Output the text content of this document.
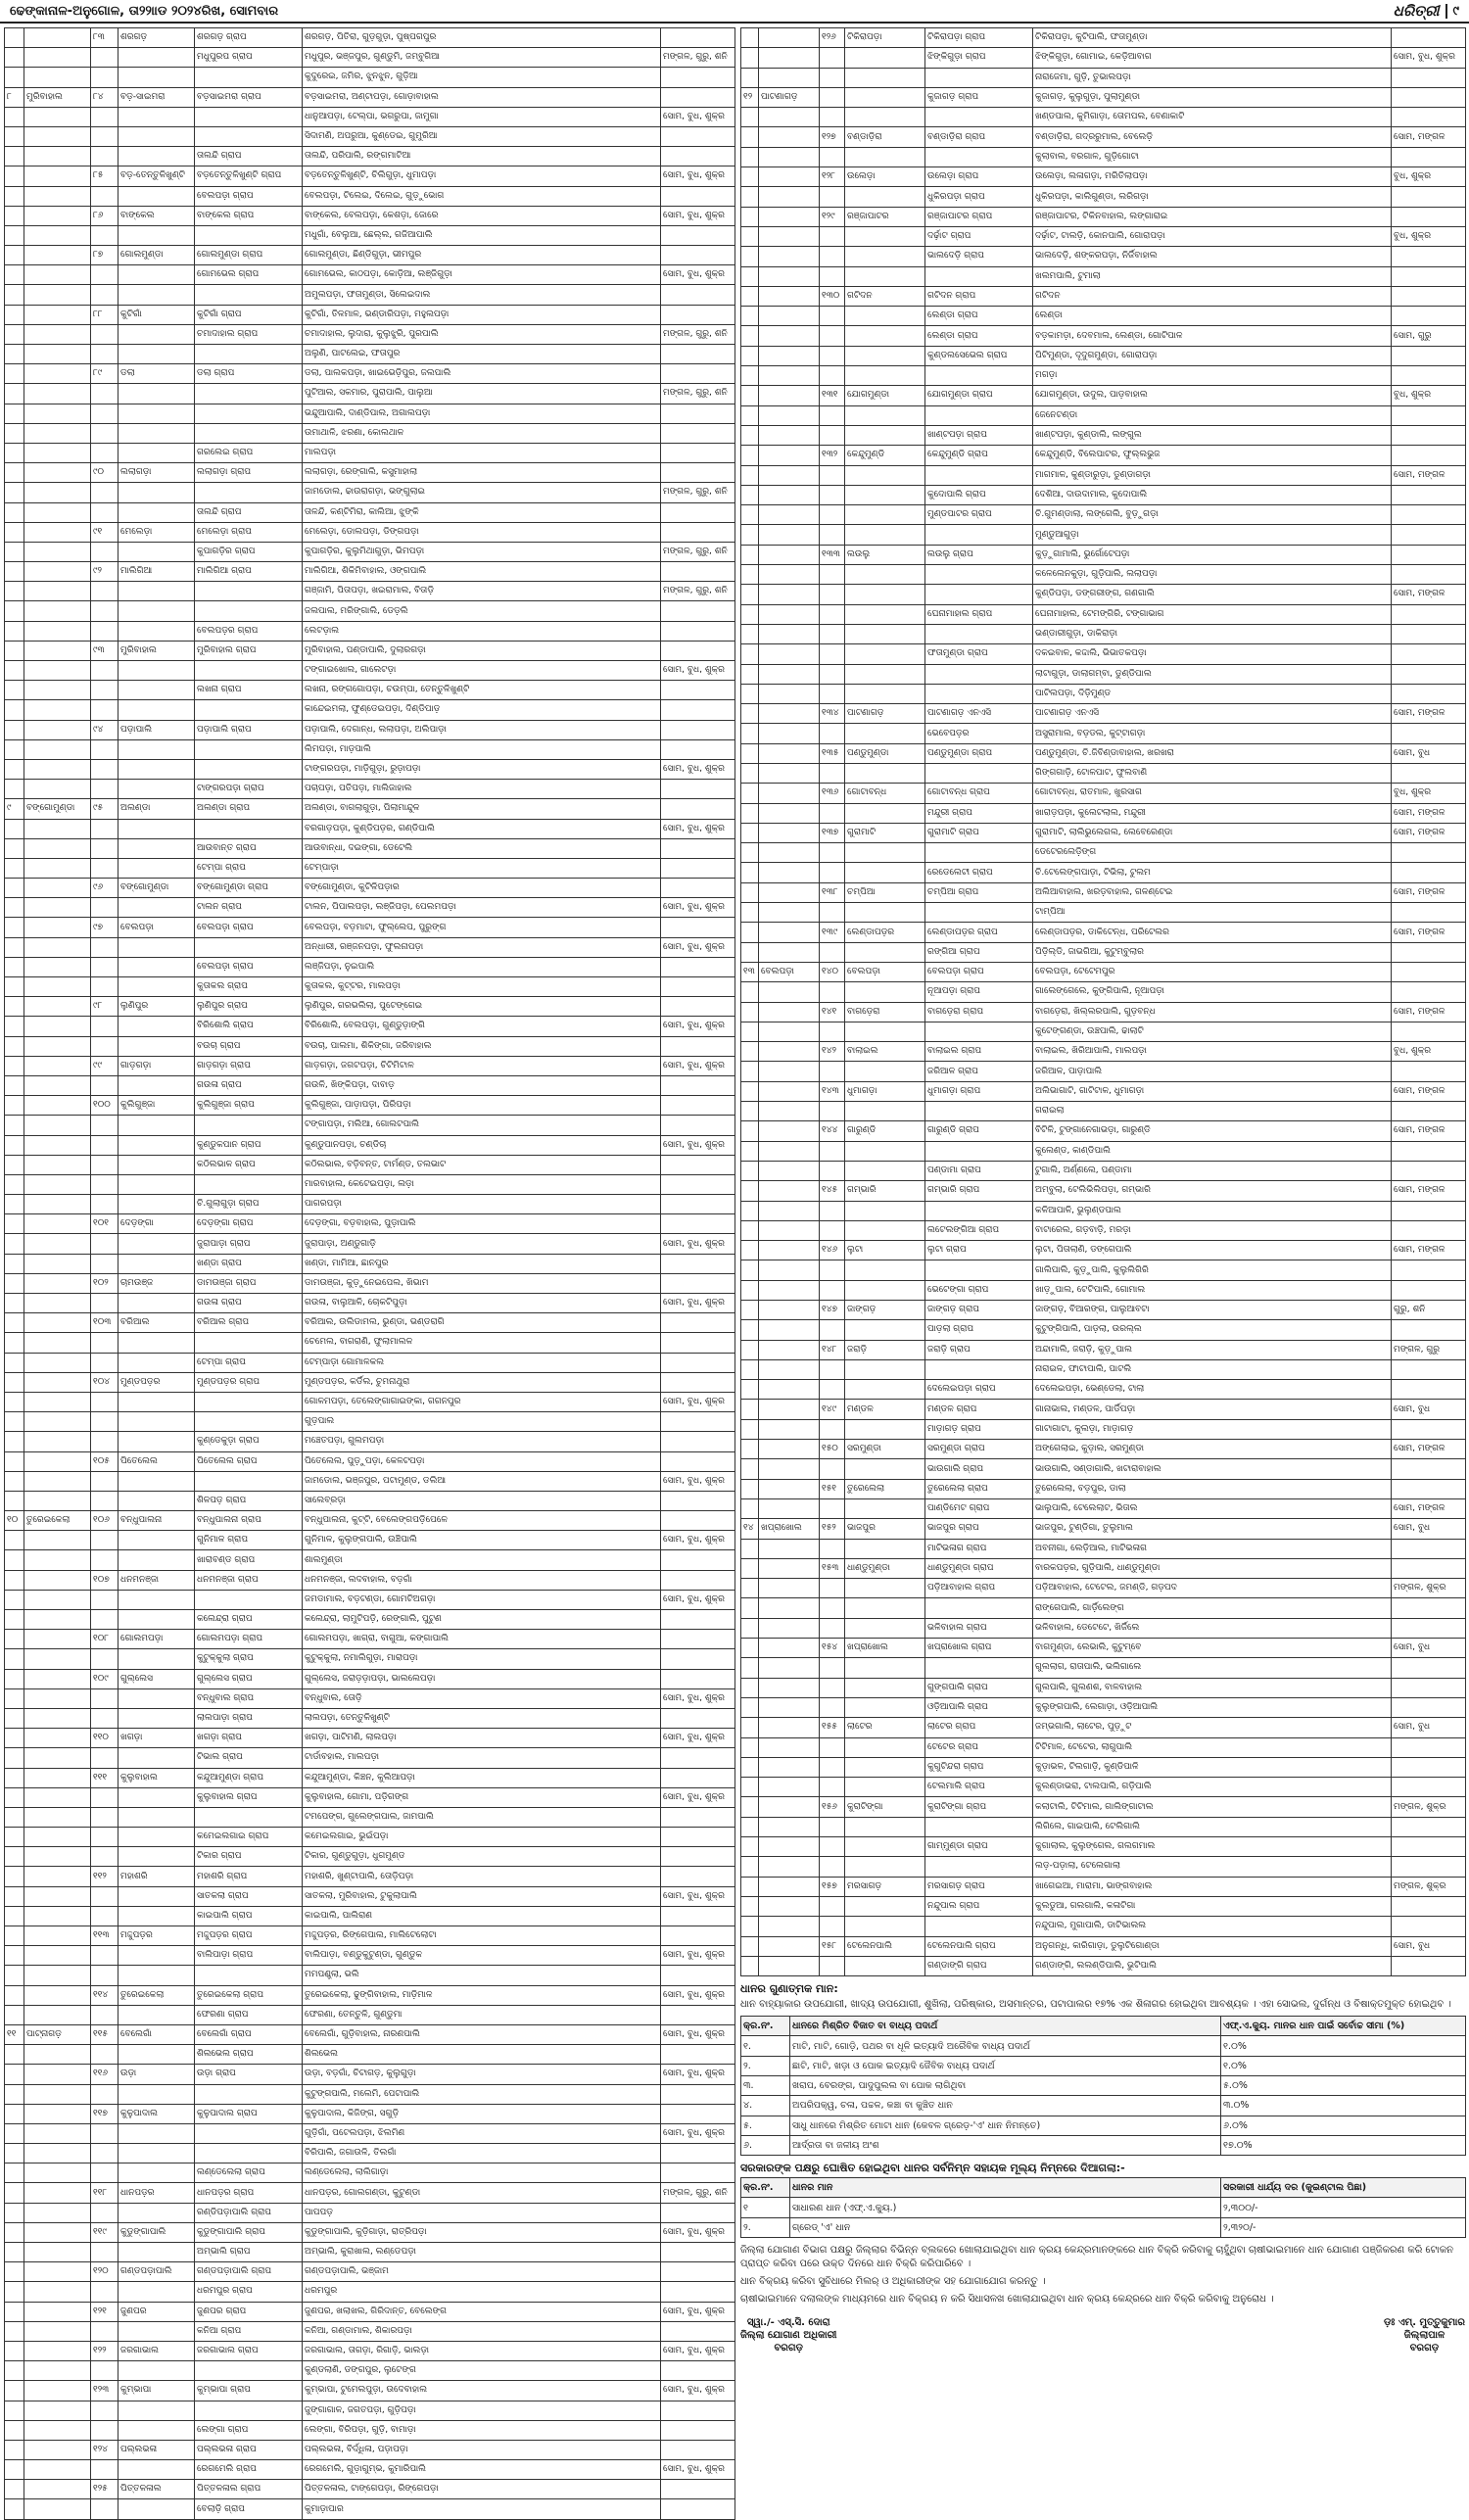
ଢେଙ୍କାନାଳ-ଅନୁଗୋଳ, ତା୨୨ାାଡ ୨୦୨୪ରିଖ, ସୋମବାର	ଧରିତ୍ରୀ	୯
		୮୩	ଶରଗଡ଼	ଶରଗଡ଼ ଗ୍ରାପ	ଶରଗଡ଼, ପିତିରା, ଗୁଡ଼ଗୁଡ଼ା, ପୁଷ୍ପଗପୁର	
				ମଧୁପୁରପ ଗ୍ରାପ	ମଧୁପୁର, ଭଞ୍ଜପୁର, ଗୁଣ୍ଡୁମି, ଜମ୍ବୁଗିଆ	ମଙ୍ଗଳ, ଗୁରୁ, ଶନି
					କୁଦୁରେଇ, ଜମିର, ଝୁନଝୁନ, ଗୁଡ଼ିଆ	
୮	ମୁରିବାହାଲ	୮୪	ବଡ଼-ସାଇମରା	ବଡ଼ସାଇମରା ଗ୍ରାପ	ବଡ଼ସାଇମରା, ଅଣ୍ଟାପଡ଼ା, ଗୋଡ଼ାବାହାଲ	
					ଧାନୁଆପଡ଼ା, ଟେଲ୍ପା, ଭଗରୁପା, ଜାମୁଗା	ସୋମ, ବୁଧ, ଶୁକ୍ର
					ସିଦାମଣି, ଅପରୁଆ, କୁଣ୍ଡେଇ, ଗୁମୁରିଆ	
				ତାଲନ୍ଦି ଗ୍ରାପ	ତାଲନ୍ଦି, ପରିପାଲି, ରଙ୍ଗମାଟିଆ	
		୮୫	ବଡ଼-ତେନ୍ତୁଳିଖୁଣ୍ଟି	ବଡ଼ତେନ୍ତୁଳିଖୁଣ୍ଟି ଗ୍ରାପ	ବଡ଼ତେନ୍ତୁଳିଖୁଣ୍ଟି, ଚିଲିଗୁଡ଼ା, ଧୁମାପଡ଼ା	ସୋମ, ବୁଧ, ଶୁକ୍ର
				ବେଲପଡ଼ା ଗ୍ରାପ	ବେଲପଡ଼ା, ଟିଲେଇ, ଦିଲେଇ, ଗୁଡ଼ୁଭୋଗ	
		୮୬	ବାଙ୍କେଲ	ବାଙ୍କେଲ ଗ୍ରାପ	ବାଙ୍କେଲ, ବେଲପଡ଼ା, କେଶଡ଼ା, ଜୋରେ	ସୋମ, ବୁଧ, ଶୁକ୍ର
					ମଧୁଗାଁ, ବେଲୁଆ, ଛେଲ୍ଲ, ଗଜିଆପାଲି	
		୮୭	ଗୋଲମୁଣ୍ଡା	ଗୋଲମୁଣ୍ଡା ଗ୍ରାପ	ଗୋଲମୁଣ୍ଡା, ଛିଣ୍ଡିଗୁଡ଼ା, ଭୀମପୁର	
				ଗୋମଭେଲ ଗ୍ରାପ	ଗୋମଭେଲ, କାଠପଡ଼ା, କୋଡ଼ିଆ, ଲଞ୍ଜିଗୁଡ଼ା	ସୋମ, ବୁଧ, ଶୁକ୍ର
					ଅମୁଲପଡ଼ା, ଫତାମୁଣ୍ଡା, ସିଲେଇଦାଲ	
		୮୮	କୁଟିଗାଁ	କୁଟିଗାଁ ଗ୍ରାପ	କୁଟିଗାଁ, ତିଳମାଳ, ଭଣ୍ଡାରିପଡ଼ା, ମହୁଲପଡ଼ା	
				ଚମାଦାହାଲ ଗ୍ରାପ	ଚମାଦାହାଲ, ଲୁଦାରା, କୁଲୁଝୁରି, ପୁରପାଲି	ମଙ୍ଗଳ, ଗୁରୁ, ଶନି
					ଅଲୁଣି, ପାଟଲେଇ, ଫତାପୁର	
		୮୯	ଡଲା	ଡଲା ଗ୍ରାପ	ଡଲା, ପାଲକପଡ଼ା, ଖାଇଭେଡ଼ିପୁର, ଜଲପାଲି	
					ପୁଟିଆଲ, ସକମାର, ପୁରାପାଲି, ପାଲୁଆ	ମଙ୍ଗଳ, ଗୁରୁ, ଶନି
					ଭନ୍ଦୁଆପାଲି, ଦାଣ୍ଡିପାଲ, ଅଗାଲପଡ଼ା	
					ଉମାଥାଳି, ଝରଣା, କୋଲଥାଳ	
				ଗରଲେଇ ଗ୍ରାପ	ମାଲପଡ଼ା	
		୯୦	ଲଲାଗଡ଼ା	ଲଲାଗଡ଼ା ଗ୍ରାପ	ଲଲାଗଡ଼ା, ରେଙ୍ଗାଲି, କସୁମାହାଲା	
					ଜାମଡୋଲ, ଢାଉରାଗଡ଼ା, ଭଙ୍ଗୁଲାଇ	ମଙ୍ଗଳ, ଗୁରୁ, ଶନି
				ତାଲନ୍ଦି ଗ୍ରାପ	ତାଳନ୍ଦି, କଣ୍ଟିମିରା, କାଲିଆ, ଝୁଙ୍କି	
		୯୧	ମେଲେଡ଼ା	ମେଲେଡ଼ା ଗ୍ରାପ	ମେଲେଡ଼ା, ଡୋଲପଡ଼ା, ଡିଙ୍ଗପଡ଼ା	
				କୁପାଗଡ଼ିର ଗ୍ରାପ	କୁପାଗଡ଼ିର, କୁଲୁମିଥାଗୁଡ଼ା, ଭିମପଡ଼ା	ମଙ୍ଗଳ, ଗୁରୁ, ଶନି
		୯୨	ମାଲିଗିଆ	ମାଲିଗିଆ ଗ୍ରାପ	ମାଲିଗିଆ, ଶିକିମିବାହାଲ, ଓଙ୍ଗପାଲି	
					ଗଞ୍ଜାମି, ପିତାପଡ଼ା, ଖଇରାମାଲ, ବିତାଡ଼ି	ମଙ୍ଗଳ, ଗୁରୁ, ଶନି
					ଜଲପାଲ, ମରିଙ୍ଗାଲି, ଡେଡ଼ଲି	
				ବେଲପଡ଼ର ଗ୍ରାପ	ଲେଟଡ଼ାଲ	
		୯୩	ମୁରିବାହାଲ	ମୁରିବାହାଲ ଗ୍ରାପ	ମୁରିବାହାଲ, ପଣ୍ଡାପାଲି, ଦୁଲାରଗଡ଼ା	
					ଟଙ୍ଗାଇଖୋଲ, ଗାଲେଟଡ଼ା	ସୋମ, ବୁଧ, ଶୁକ୍ର
				ଲଖନା ଗ୍ରାପ	ଲଖନା, ରଙ୍ଗଗୋପଡ଼ା, ଚଉମ୍ପା, ତେନ୍ତୁଳିଖୁଣ୍ଟି	
					କାନ୍ଦେଇମଲା, ଫୁଣ୍ଡେଇପଡ଼ା, ଦିଣ୍ଡିପାଡ଼	
		୯୪	ପଡ଼ାପାଲି	ପଡ଼ାପାଲି ଗ୍ରାପ	ପଡ଼ାପାଲି, ଦେଗାନ୍ଧ, ଲଲାପଡ଼ା, ଅଲିପାଡ଼ା	
					ଲିମପଡ଼ା, ମାଡ଼ପାଲି	
					ଟାଙ୍ଗରପଡ଼ା, ମାଡ଼ିଗୁଡ଼ା, ରୁଡ଼ାପଡ଼ା	ସୋମ, ବୁଧ, ଶୁକ୍ର
				ଟାଙ୍ଗରପଡ଼ା ଗ୍ରାପ	ପଚାପଡ଼ା, ପତିପଡ଼ା, ମାଲିଜାହାଲ	
୯	ବଙ୍ଗୋମୁଣ୍ଡା	୯୫	ଅଲଣ୍ଡା	ଅଲଣ୍ଡା ଗ୍ରାପ	ଅଲଣ୍ଡା, ବାଗଲାଗୁଡ଼ା, ପିଲାମାନ୍ଦୁଳ	
					ବରଗାଡ଼ପଡ଼ା, କୁଣ୍ଡିପଡ଼ର, ଗଣ୍ଡିପାଲି	ସୋମ, ବୁଧ, ଶୁକ୍ର
				ଆଉବାନ୍ତ ଗ୍ରାପ	ଆଉବାନ୍ଧା, ଦଇଙ୍ଗା, ଡେଟେଲି	
				ଟେମ୍ପା ଗ୍ରାପ	ଟେମ୍ପାଡ଼ା	
		୯୬	ବଙ୍ଗୋମୁଣ୍ଡା	ବଙ୍ଗୋମୁଣ୍ଡା ଗ୍ରାପ	ବଙ୍ଗୋମୁଣ୍ଡା, କୁଟିଳିପଡ଼ାର	
				ଟାଲନ ଗ୍ରାପ	ଟାଲନ, ପିପାଲପଡ଼ା, ଲଞ୍ଜିପଡ଼ା, ପେଲମପଡ଼ା	ସୋମ, ବୁଧ, ଶୁକ୍ର
		୯୭	ବେଲପଡ଼ା	ବେଲପଡ଼ା ଗ୍ରାପ	ବେଲପଡ଼ା, ବଡ଼ମାଟା, ଫୁଲ୍ଲେପ, ପୁରୁଙ୍ଗ	
					ଅନ୍ଧାରୀ, ରଞ୍ଜନପଡ଼ା, ଫୁଲନାପଡ଼ା	ସୋମ, ବୁଧ, ଶୁକ୍ର
				ବେଲପଡ଼ା ଗ୍ରାପ	ଲଞ୍ଜିପଡ଼ା, ନୁଇପାଲି	
				କୁତାକଲ ଗ୍ରାପ	କୁତାକଲ, କୁଟ୍ଟର, ମାଲପଡ଼ା	
		୯୮	ଲୁଣିପୁର	ଲୁଣିପୁର ଗ୍ରାପ	ଲୁଣିପୁର, ଗରଭଲିଲା, ପୁଟେଙ୍ଗେଇ	
				ବିରିଶୋଲି ଗ୍ରାପ	ବିରିଶୋଲି, ବେଲପଡ଼ା, ଗୁଣ୍ଡୁଡ଼ାଙ୍ଗି	ସୋମ, ବୁଧ, ଶୁକ୍ର
				ବଉଚା ଗ୍ରାପ	ବଉଚା, ପାଲମା, ଶିକିଙ୍ଗା, ଜରିବାହାଲ	
		୯୯	ଗାଡ଼ଗଡ଼ା	ଗାଡ଼ଗଡ଼ା ଗ୍ରାପ	ଗାଡ଼ଗଡ଼ା, ଜଗଟପଡ଼ା, ଚିଟିମିଟାଳ	ସୋମ, ବୁଧ, ଶୁକ୍ର
				ଗଉଳା ଗ୍ରାପ	ଗଉଳି, ଖିଙ୍କିପଡ଼ା, ଦାବାଡ଼	
		୧୦୦	କୁଲିଗୁଞ୍ଜା	କୁଲିଗୁଞ୍ଜା ଗ୍ରାପ	କୁଲିଗୁଞ୍ଜା, ପାଡ଼ାପଡ଼ା, ପିରିପଡ଼ା	
					ଟଙ୍ଗାପଡ଼ା, ମଲିଆ, ଗୋଲଟପାଲି	
				କୁଣ୍ଡୁକପାନ ଗ୍ରାପ	କୁଣ୍ଡୁପାନପଡ଼ା, ଚଣ୍ଡିଚା	ସୋମ, ବୁଧ, ଶୁକ୍ର
				କଠିଲଭାଳ ଗ୍ରାପ	କଠିଲଭାଲ, ବଡ଼ିବନ୍ତ, ଟାର୍ମଣ୍ଡ, ତଲଭାଟ	
					ମାରବାହାଲ, କେଟେଇପଡ଼ା, ଲଡ଼ା	
				ଚି.ଗୁଲାଗୁଡ଼ା ଗ୍ରାପ	ପାଗରପଡ଼ା	
		୧୦୧	ଦେଡ଼ଙ୍ଗା	ଦେଡ଼ଙ୍ଗା ଗ୍ରାପ	ଦେଡ଼ଙ୍ଗା, ବଡ଼ବାହାଲ, ପୁଡ଼ାପାଲି	
				ଜୁରାପାଡ଼ା ଗ୍ରାପ	ଜୁରାପାଡ଼ା, ଅଣ୍ଡୁଗାଡ଼ି	ସୋମ, ବୁଧ, ଶୁକ୍ର
				ଖଣ୍ଡା ଗ୍ରାପ	ଖଣ୍ଡା, ମାମିଆ, ଛାନପୁର	
		୧୦୨	ଚାମଉଞ୍ଜ	ଡାମଉଞ୍ଜା ଗ୍ରାପ	ଡାମଉଞ୍ଜା, କୁଡ଼ୁନେଇପେଲ, ଖିଭାମ	
				ଗଉଳା ଗ୍ରାପ	ଗଉଳା, ବାଲୁଆଳି, ଚୋକଟିପୁଡ଼ା	ସୋମ, ବୁଧ, ଶୁକ୍ର
		୧୦୩	ବରିଆଲ	ବରିଆଲ ଗ୍ରାପ	ବରିଆଲ, ଉଲିଡାମଲ, ଭୁଣ୍ଡା, ଭଣ୍ଡରାଗି	
					ଚେମେଲ, ବାଗରାଣି, ଫୁଲାମାଲଳ	
				ଟେମ୍ପା ଗ୍ରାପ	ଟେମ୍ପାଡ଼ା ଗୋମାଳକଲ	
		୧୦୪	ମୁଣ୍ଡପଡ଼ର	ମୁଣ୍ଡପଡ଼ର ଗ୍ରାପ	ମୁଣ୍ଡପଡ଼ର, କର୍ଡିଲ, ଚୁମନାଥୁରା	
					ଗୋଳମପଡ଼ା, ତେଲେଙ୍ଗାଗାଇଙ୍କା, ଗଗନପୁର	ସୋମ, ବୁଧ, ଶୁକ୍ର
					ଗୁଡ଼ପାଲ	
				କୁଣ୍ଡେକୁଡ଼ା ଗ୍ରାପ	ମଞ୍ଚେତପଡ଼ା, ଗୁଲମପଡ଼ା	
		୧୦୫	ପିତେଲେଲ	ପିତେଲେଲ ଗ୍ରାପ	ପିତେଲେଲ, ପୁଡ଼ୁପଡ଼ା, କେଳଟପଡ଼ା	
					ଜାମଡୋଲ, ଭଞ୍ଜପୁର, ପଟାମୁଣ୍ଡ, ଡଲିଆ	ସୋମ, ବୁଧ, ଶୁକ୍ର
				ଶିଳପଡ଼ ଗ୍ରାପ	ସାଲେବ୍ରଡ଼ା	
୧୦	ତୁରେଇକେଲା	୧୦୬	ବନ୍ଧୁପାଲନା	ବନ୍ଧୁପାଲନା ଗ୍ରାପ	ବନ୍ଧୁପାଲନା, କୁଟ୍ଟି, ବେଲେଙ୍ଗପଡ଼ିପେଳେ	
				ଗୁନିମାଳ ଗ୍ରାପ	ଗୁନିମାଳ, କୁଲୁଙ୍ଗପାଲି, ଉଞ୍ଚିପାଲି	ସୋମ, ବୁଧ, ଶୁକ୍ର
				ଖାରାବଣ୍ଡ ଗ୍ରାପ	ଶାଲମୁଣ୍ଡା	
		୧୦୭	ଧନମନଞ୍ଜା	ଧନମନଞ୍ଜା ଗ୍ରାପ	ଧନମନଞ୍ଜା, ଲଦବାହାଲ, ବଡ଼ଗାଁ	
					ଜମଡାମାଲ, ବଡ଼ଟଣ୍ଡା, ଗୋମଟିଅଗଡ଼ା	ସୋମ, ବୁଧ, ଶୁକ୍ର
				କଲେନ୍ଦ୍ରା ଗ୍ରାପ	କଲେନ୍ଦ୍ରା, ଲାମୁଟିପଡ଼ି, ରେଙ୍ଗାଲି, ପୁଟୁଣ	
		୧୦୮	ଗୋଲମପଡ଼ା	ଗୋଲମପଡ଼ା ଗ୍ରାପ	ଗୋଲମପଡ଼ା, ଖାଗ୍ରା, ବାଗୁଆ, କଙ୍ଗାପାଲି	
				କୁଟୁକ୍କୁଲା ଗ୍ରାପ	କୁଟୁକ୍କୁଲା, ନମାଲିଗୁଡ଼ା, ମାରାପଡ଼ା	
		୧୦୯	ଗୁଲ୍ଲେସ	ଗୁଲ୍ଲେସ ଗ୍ରାପ	ଗୁଲ୍ଲେସ, ଜରାଡ଼ଡ଼ାପଡ଼ା, ଭାଲଲେପଡ଼ା	
				ବନ୍ଧୁବାଲ ଗ୍ରାପ	ବନ୍ଧୁବାଲ, ତୋଡ଼ି	ସୋମ, ବୁଧ, ଶୁକ୍ର
				ଲାଲପାଡ଼ା ଗ୍ରାପ	ଲାଲପଡ଼ା, ତେନ୍ତୁଳିଖୁଣ୍ଟି	
		୧୧୦	ଖଗଡ଼ା	ଖଗଡ଼ା ଗ୍ରାପ	ଖଗଡ଼ା, ପାଟିମଣି, ଲାଲପଡ଼ା	ସୋମ, ବୁଧ, ଶୁକ୍ର
				ଟିଭାଲ ଗ୍ରାପ	ଟାର୍ଡାବହାଲ, ମାଲପଡ଼ା	
		୧୧୧	କୁଲୁବାହାଲ	କନ୍ଦୁଆମୁଣ୍ଡା ଗ୍ରାପ	କନ୍ଦୁଆମୁଣ୍ଡା, କିଞ୍ଚନ, କୁଲିଆପଡ଼ା	
				କୁଲୁବାହାଲ ଗ୍ରାପ	କୁଲୁବାହାଲ, ଗୋମା, ପଡ଼ିଗଙ୍ଗ	ସୋମ, ବୁଧ, ଶୁକ୍ର
					ଟମପେଙ୍ଗ, ଗୁଲେଙ୍ଗପାଲ, ଜାମପାଲି	
				କମେଇଲଗାଇ ଗ୍ରାପ	କମେଇଲଗାଇ, ଭୁଇଁପଡ଼ା	
				ଟିକାର ଗ୍ରାପ	ଟିକାର, ଗୁଣ୍ଡୁଗୁଡ଼ା, ଧୁଗମୁଣ୍ଡ	
		୧୧୨	ମହାଶରି	ମହାଶରି ଗ୍ରାପ	ମହାଶରି, ଖୁଣ୍ଟାପାଲି, ତୋଡ଼ିପଡ଼ା	
				ସାତକଲା ଗ୍ରାପ	ସାତକଲା, ମୁରିବାହାଲ, ଟୁକୁଲାପାଲି	ସୋମ, ବୁଧ, ଶୁକ୍ର
				କାଇପାଲି ଗ୍ରାପ	କାଇପାଲି, ପାଲିରାଣ	
		୧୧୩	ମଦ୍ଦୁପଡ଼ର	ମଦ୍ଦୁପଡ଼ର ଗ୍ରାପ	ମଦ୍ଦୁପଡ଼ର, ରିଙ୍ଗେପାଲ, ମାଲିଟେଲୋଟା	
				ବାଲିପାଡ଼ା ଗ୍ରାପ	ବାଲିପାଡ଼ା, ବଣ୍ଡୁକୁଟୁଣ୍ଡା, ଗୁଣ୍ଡୁକ	ସୋମ, ବୁଧ, ଶୁକ୍ର
					ମମପଣ୍ଡ୍ଲା, ଭଲି	
		୧୧୪	ତୁରେଇକେଲା	ତୁରେଇକେଲା ଗ୍ରାପ	ତୁରେଇକେଲା, ଢୁଙ୍ଗିବାହାଲ, ମାଡ଼ିମାଳ	ସୋମ, ବୁଧ, ଶୁକ୍ର
				ଫେରଣା ଗ୍ରାପ	ଫେରଣା, ତେନ୍ତୁଳି, ଗୁଣ୍ଡୁମା	
୧୧	ପାଟ୍ନାଗଡ଼	୧୧୫	ବେଲେଗାଁ	ବେଲେଗାଁ ଗ୍ରାପ	ବେଲେଗାଁ, ଗୁଡ଼ିବାହାଲ, ନାରଣପାଲି	ସୋମ, ବୁଧ, ଶୁକ୍ର
				ଶିଲଭେଲ ଗ୍ରାପ	ଶିଲଭେଲ	
		୧୧୬	ଉଡ଼ା	ଉଡ଼ା ଗ୍ରାପ	ଉଡ଼ା, ବଡ଼ଗାଁ, ଚିଟାଗଡ଼, କୁଲୁଗୁଡ଼ା	ସୋମ, ବୁଧ, ଶୁକ୍ର
					କୁଟୁଙ୍ଗପାଲି, ମଲେମି, ପେଟାପାଲି	
		୧୧୭	କୁଳୁପାଦାଲ	କୁଳୁପାଦାଲ ଗ୍ରାପ	କୁଳୁପାଦାଲ, କିଜିଙ୍ଗ, ସଗୁଡ଼ି	
					ଗୁଡ଼ିଗାଁ, ପଟେଲପଡ଼ା, ଝିଲମିଣ	ସୋମ, ବୁଧ, ଶୁକ୍ର
					ବିରିପାଲି, ଜଗାଉଳି, ତିଲଗାଁ	
				ଲଣ୍ଡେଲେଲା ଗ୍ରାପ	ଲଣ୍ଡେଲେଲା, ଲାଲିଗାଡ଼ା	
		୧୧୮	ଧାନପଡ଼ର	ଧାନପଡ଼ର ଗ୍ରାପ	ଧାନପଡ଼ର, ଗୋଲଗଣ୍ଡା, କୁଟୁଣ୍ଡା	ମଙ୍ଗଳ, ଗୁରୁ, ଶନି
				ରଣ୍ଡିପଡ଼ାପାଲି ଗ୍ରାପ	ପାପପଡ଼	
		୧୧୯	କୁଡୁଙ୍ଗାପାଲି	କୁଡୁଙ୍ଗାପାଲି ଗ୍ରାପ	କୁଡୁଙ୍ଗାପାଲି, କୁଡ଼ିଗାଡ଼ା, ରାତ୍ରିପଡ଼ା	ସୋମ, ବୁଧ, ଶୁକ୍ର
				ଅମ୍ଭାଲି ଗ୍ରାପ	ଅମ୍ଭାଲି, କୁରାଖାଲ, ଲଣ୍ଡେପଡ଼ା	
		୧୨୦	ଗଣ୍ଡପଡ଼ାପାଲି	ଗଣ୍ଡପଡ଼ାପାଲି ଗ୍ରାପ	ଗଣ୍ଡପଡ଼ାପାଲି, ଭଞ୍ଜାମ	
				ଧରମପୁର ଗ୍ରାପ	ଧରମପୁର	
		୧୨୧	ଜୁଣପର	ଜୁଣପର ଗ୍ରାପ	ଜୁଣପର, ଖଲାଖଲ, ଗିରିଦାନ୍ତ, ବେଲେଙ୍ଗ	ସୋମ, ବୁଧ, ଶୁକ୍ର
				କନିଆ ଗ୍ରାପ	କନିଆ, ଗଣ୍ଡାମାଲ, ଶିକାରପଡ଼ା	
		୧୨୨	ଜରଗାଭାଲ	ଜରଗାଭାଲ ଗ୍ରାପ	ଜରଗାଭାଲ, ତାଗଡ଼ା, ରିଗାଡ଼ି, ଭାଲଡ଼ା	ସୋମ, ବୁଧ, ଶୁକ୍ର
					କୁଣ୍ଡଲାଣି, ଡଙ୍ଗପୁର, ଲୁଟେଙ୍ଗ	
		୧୨୩	କୁମ୍ଭାପା	କୁମ୍ଭାପା ଗ୍ରାପ	କୁମ୍ଭାପା, ଟୁମେଲପୁଡ଼ା, ଉଦେବାହାଲ	ସୋମ, ବୁଧ, ଶୁକ୍ର
					ଜୁଙ୍ଗାଗାଳ, ଜଗତପଡ଼ା, ଗୁଡ଼ିପଡ଼ା	
				ଲେଙ୍ଗା ଗ୍ରାପ	ଲେଙ୍ଗା, ବିରିପଡ଼ା, ଗୁଡ଼ି, ବାମାଡ଼ା	
		୧୨୪	ପଲ୍ଲଭଳା	ପଲ୍ଲଭଳା ଗ୍ରାପ	ପଲ୍ଲଭଳା, ବିର୍ଦ୍ଧିଳା, ପଡ଼ାପଡ଼ା	
				ରେଗମେଲି ଗ୍ରାପ	ରେଗମେଲି, ଗୁଡ଼ାଗୁମ୍ଭ, କୁମାରିପାଲି	ସୋମ, ବୁଧ, ଶୁକ୍ର
		୧୨୫	ପିତ୍ତଳଳାଲ	ପିତ୍ତଳଳାଲ ଗ୍ରାପ	ପିତ୍ତଳଳାଲ, ଟାଙ୍ଗେପଡ଼ା, ରିଙ୍ଗେପଡ଼ା	
				ବେଲାଡ଼ି ଗ୍ରାପ	କୁମାଡ଼ାପାର	
		୧୨୬	ଟିକିରାପଡ଼ା	ଟିକିରାପଡ଼ା ଗ୍ରାପ	ଟିକିରାପଡ଼ା, କୁଟିପାଲି, ଫତାମୁଣ୍ଡା	
				ଝିଙ୍କିଗୁଡ଼ା ଗ୍ରାପ	ଝିଙ୍କିଗୁଡ଼ା, ଗୋମାଇ, କେଡ଼ିଆବାଗ	ସୋମ, ବୁଧ, ଶୁକ୍ର
					ନାରାଜେମା, ଗୁଡ଼ି, ତୁଭାଲପଡ଼ା	
୧୨	ପାଟଣାଗଡ଼			କୁଜାଗଡ଼ ଗ୍ରାପ	କୁଜାଗଡ଼, କୁଲୁଗୁଡ଼ା, ପୁଲାମୁଣ୍ଡା	
					ଖଣ୍ଡପାଲ, କୁମିଗାଡ଼ା, ତୋମପଲ, ବେଣାକାଟି	
		୧୨୭	ବଣ୍ଡାଡ଼ିରା	ବଣ୍ଡାଡ଼ିରା ଗ୍ରାପ	ବଣ୍ଡାଡ଼ିରା, ଗଦ୍ରରୁମାଲ, ବେଲେଡ଼ି	ସୋମ, ମଙ୍ଗଳ
					କୁଲାବାଲ, ବରଗାଳ, ଗୁଡ଼ିଗୋଟା	
		୧୨୮	ଉଲେଡ଼ା	ଉଲେଡ଼ା ଗ୍ରାପ	ଉଲେଡ଼ା, ଲଳାଗଡ଼ା, ମରିତିଲାପଡ଼ା	ବୁଧ, ଶୁକ୍ର
				ଧୁକିରପଡ଼ା ଗ୍ରାପ	ଧୁକିରପଡ଼ା, କାଲିଗୁଣ୍ଡା, ଲରିଗଡ଼ା	
		୧୨୯	ରଞ୍ଜାପାଟର	ରଞ୍ଜାପାଟର ଗ୍ରାପ	ରଞ୍ଜାପାଟର, ଟିକିନବାହାଲ, ଲଙ୍ଗାରାଇ	
				ଦର୍ଢ଼ାଟ ଗ୍ରାପ	ଦର୍ଢ଼ାଟ, ଟାଲଡ଼ି, କୋନପାଲି, ଗୋରାପଡ଼ା	ବୁଧ, ଶୁକ୍ର
				ଭାଲଦେଡ଼ି ଗ୍ରାପ	ଭାଲଦେଡ଼ି, ଶଙ୍କରପଡ଼ା, ନିର୍ଜିବାହାଲ	
					ଖଲମପାଲି, ଟୁମାଲା	
		୧୩୦	ଗଟିଦନ	ଗଟିଦନ ଗ୍ରାପ	ଗଟିଦନ	
				ଲେଣ୍ଡା ଗ୍ରାପ	ଲେଣ୍ଡା	
				ଲେଣ୍ଡା ଗ୍ରାପ	ବଡ଼କାମଡ଼ା, ଦେବମାଲ, ଲେଣ୍ଡା, ଗୋଟିପାଳ	ସୋମ, ଗୁରୁ
				କୁଣ୍ଡଲସେଭେଲ ଗ୍ରାପ	ପିଟିମୁଣ୍ଡା, ଦୂଦୁଗମୁଣ୍ଡା, ଗୋରାପଡ଼ା	
					ମଗଡ଼ା	
		୧୩୧	ଯୋଗମୁଣ୍ଡା	ଯୋଗମୁଣ୍ଡା ଗ୍ରାପ	ଯୋଗମୁଣ୍ଡା, ଉଦୁଲ, ପାଡ଼ବାହାଲ	ବୁଧ, ଶୁକ୍ର
					ଜେନେଟଣ୍ଡା	
				ଖାଣ୍ଟପଡ଼ା ଗ୍ରାପ	ଖାଣ୍ଟପଡ଼ା, କୁଣ୍ଡାଲି, ଲଙ୍ଗୁଲ	
		୧୩୨	କେନ୍ଦୁମୁଣ୍ଡି	କେନ୍ଦୁମୁଣ୍ଡି ଗ୍ରାପ	କେନ୍ଦୁମୁଣ୍ଡି, ବିଲେପାଟର, ଫୁଲ୍ଲଭୁଜ	
					ମାଗମାଳ, କୁଣ୍ଡାରୁଡ଼ା, ଡୁଣ୍ଡାଗଡ଼ା	ସୋମ, ମଙ୍ଗଳ
				କୁଦୋପାଲି ଗ୍ରାପ	ଦେଶିଆ, ଦାଉଦାମାଲ, କୁଦୋପାଲି	
				ମୁଣ୍ଡପାଟର ଗ୍ରାପ	ଚି.ଗୁମଣ୍ଡାଲା, ଲଙ୍ଗେଲି, ବୁଡ଼ୁଗଡ଼ା	
					ମୁଣ୍ଡୁଆଗୁଡ଼ା	
		୧୩୩	ଲଉଲୁ	ଲଉଲୁ ଗ୍ରାପ	କୁଡ଼ୁଗାମାଲି, ଭୁର୍ଗୋଟେପଡ଼ା	
					କଳେଲେନକୁଡ଼ା, ଗୁଡ଼ିପାଲି, ଲଲାପଡ଼ା	
					କୁଣ୍ଡିପଡ଼ା, ଡଙ୍ଗରୀଙ୍ଗ, ଗଣଗାଲି	ସୋମ, ମଙ୍ଗଳ
				ଘେନାମାହାଲ ଗ୍ରାପ	ଘେନାମାହାଲ, ଟେମଙ୍ଗିରି, ଟଙ୍ଗାଭାଗ	
					ଭଣ୍ଡାରୀଗୁଡ଼ା, ଡାକିରାଡ଼ା	
				ଫତାମୁଣ୍ଡା ଗ୍ରାପ	ଦକଇବାଳ, କଦ୍ଦାଲି, ଭିଭାତକପଡ଼ା	
					ଲାଟାଗୁଡ଼ା, ଡାଲାଗମ୍ବା, ଡୁଣ୍ଡିପାଲ	
					ପାଟିଲପଡ଼ା, ଦିଡ଼ିମୁଣ୍ଡ	
		୧୩୪	ପାଟଣାଗଡ଼	ପାଟଣାଗଡ଼ ଏନଏସି	ପାଟଣାଗଡ଼ ଏନଏସି	ସୋମ, ମଙ୍ଗଳ
				ଭେବେପଡ଼ର	ଅସୁରାମାଲ, ବଡ଼ଡଲ, କୁଟ୍ଟାଗଡ଼ା	
		୧୩୫	ପଣ୍ଡୁମୁଣ୍ଡା	ପଣ୍ଡୁମୁଣ୍ଡା ଗ୍ରାପ	ପଣ୍ଡୁମୁଣ୍ଡା, ଚି.ଜିବିଣ୍ଡାବାହାଲ, ଖରଖରା	ସୋମ, ବୁଧ
					ଗିଙ୍ଗଗାଡ଼ି, ଟୋଳପାଟ, ଫୁଲବାଣି	
		୧୩୬	ଗୋଟାବନ୍ଧ	ଗୋଟାବନ୍ଧ ଗ୍ରାପ	ଗୋଟାବନ୍ଧ, ରାତମାଳ, ଖୁରସାଗ	ବୁଧ, ଶୁକ୍ର
				ମନ୍ଦୁରୀ ଗ୍ରାପ	ଖାରାଡ଼ପଡ଼ା, କୁଲେଟଲାଲ, ମନ୍ଦୁରୀ	ସୋମ, ମଙ୍ଗଳ
		୧୩୭	ଗୁରାମାଟି	ଗୁରାମାଟି ଗ୍ରାପ	ଗୁରାମାଟି, ଲାଲିଭୁଲେଗଲ, ଲେବେରେଣ୍ଡା	ସୋମ, ମଙ୍ଗଳ
					ଡେଟେରଲେଡ଼ିଙ୍ଗ	
				ରେଡେଲେଟୀ ଗ୍ରାପ	ଚି.ଟେଲେଙ୍ଗପାଡ଼ା, ଟିଭିଲା, ଟୁଲମ	
		୧୩୮	ଚମ୍ପିଆ	ଚମ୍ପିଆ ଗ୍ରାପ	ଅଲିଆବାହାଲ, ଖରଡ଼ବାହାଲ, ଗଳଣ୍ଟେଇ	ସୋମ, ମଙ୍ଗଳ
					ଟାମ୍ପିଆ	
		୧୩୯	ଲେଣ୍ଡାପଡ଼ର	ଲେଣ୍ଡାପଡ଼ର ଗ୍ରାପ	ଲେଣ୍ଡାପଡ଼ର, ଡାକିଟେନ୍ଧ, ପରିଟେଲର	ସୋମ, ମଙ୍ଗଳ
				ରଙ୍ଗିଆ ଗ୍ରାପ	ପିଡ଼ିଲ୍ଡି, ଜାଭଗିଆ, କୁଟୁମ୍ବୁଲାର	
୧୩	ବେଲପଡ଼ା	୧୪୦	ବେଲପଡ଼ା	ବେଲପଡ଼ା ଗ୍ରାପ	ବେଲପଡ଼ା, ଟେଟେମପୁର	
				ନୂଆପଡ଼ା ଗ୍ରାପ	ଗାଲେଙ୍ଗେଲେ, କୁଙ୍ଗିପାଲି, ନୂଆପଡ଼ା	
		୧୪୧	ବାଗଡ଼େରା	ବାଗଡ଼େରା ଗ୍ରାପ	ବାଗଡ଼େରା, ଖିଲ୍ଲରପାଲି, ଗୁଡ଼ବନ୍ଧ	ସୋମ, ମଙ୍ଗଳ
					କୁଟେଙ୍ଗଣ୍ଡା, ଉଞ୍ଚପାଲି, ଢାଲାଟି	
		୧୪୨	ବାଲାଇଲ	ବାଲାଇଲ ଗ୍ରାପ	ବାଲାଇଲ, ଖିରିଆପାଲି, ମାଲପଡ଼ା	ବୁଧ, ଶୁକ୍ର
				ଜରିଆଳ ଗ୍ରାପ	ଜରିଆଳ, ପାଡ଼ାପାଲି	
		୧୪୩	ଧୁମାଗଡ଼ା	ଧୁମାଗଡ଼ା ଗ୍ରାପ	ଅଲିଭାଗାଟି, ଗାଟିଟାଳ, ଧୁମାଗଡ଼ା	ସୋମ, ମଙ୍ଗଳ
					ଗରାଇଲା	
		୧୪୪	ଗାରୁଣ୍ଡି	ଗାରୁଣ୍ଡି ଗ୍ରାପ	ବିଟିଳି, ଟୁଙ୍ଗାନେଗାଭଡ଼ା, ଗାରୁଣ୍ଡି	ସୋମ, ମଙ୍ଗଳ
					କୁଲେଣ୍ଡ, କାଣ୍ଡିପାଲି	
				ପଣ୍ଡାମା ଗ୍ରାପ	ଟୁଗାଲି, ଅର୍ଣ୍ଣଲେ, ପଣ୍ଡାମା	
		୧୪୫	ଗମ୍ଭାରି	ଗମ୍ଭାରି ଗ୍ରାପ	ଅମ୍ବୁଲା, ଟେଲିଭିଲିପଡ଼ା, ଗମ୍ଭାରି	ସୋମ, ମଙ୍ଗଳ
					କଳିଆପାଳି, ଭୁଲୁଣ୍ଡପାଲ	
				ଲଟେଲଙ୍ଗିଆ ଗ୍ରାପ	ବାଟାରେଲ, ଗଡ଼ବାଡ଼ି, ମରଡ଼ା	
		୧୪୬	ଲୁଟା	ଲୁଟା ଗ୍ରାପ	ଲୁଟା, ପିତାଲାଣି, ଡଙ୍ଗେପାଲି	ସୋମ, ମଙ୍ଗଳ
					ଗାଲିପାଲି, କୁଡ଼ୁପାଲି, କୁଲୁଲିଗିରି	
				ଭେଟେଙ୍ଗା ଗ୍ରାପ	ଖାଡ଼ୁପାଲ, ଟେଟିପାଲି, ଗୋମାଲ	
		୧୪୭	ଜାଙ୍ଗଡ଼	ଜାଙ୍ଗଡ଼ ଗ୍ରାପ	ଜାଙ୍ଗଡ଼, ବିଆରଙ୍ଗ, ପାଲୁଆବଟା	ଗୁରୁ, ଶନି
				ପାଡ଼ଲା ଗ୍ରାପ	କୁଟୁଙ୍ଗିପାଲି, ପାଡ଼ଲା, ଉରଲ୍ଲ	
		୧୪୮	ଜରାଡ଼ି	ଜରାଡ଼ି ଗ୍ରାପ	ଅନ୍ଦାମାଲି, ଜରାଡ଼ି, କୁଡ଼ୁପାଲ	ମଙ୍ଗଳ, ଗୁରୁ
					ନାରାଇଳ, ଫାଟାପାଲି, ପାଟଲି	
				ଦେଲେଇପଡ଼ା ଗ୍ରାପ	ଦେଲେଇପଡ଼ା, ଭେଣ୍ଡେଲା, ଟାଲା	
		୧୪୯	ମଣ୍ଡଳ	ମଣ୍ଡଳ ଗ୍ରାପ	ଗାନାଭାଲ, ମଣ୍ଡଳ, ପାର୍ଡିପଡ଼ା	ସୋମ, ବୁଧ
				ମାଡ଼ାଗଡ଼ ଗ୍ରାପ	ଗାଟାଗାଟା, କୁଲଡ଼ା, ମାଡ଼ାଗଡ଼	
		୧୫୦	ସରମୁଣ୍ଡା	ସରମୁଣ୍ଡା ଗ୍ରାପ	ଅଙ୍ଗେଲାଇ, କୁଡ଼ାଲ, ସରମୁଣ୍ଡା	ସୋମ, ମଙ୍ଗଳ
				ଭାଉଗାଲି ଗ୍ରାପ	ଭାଉଗାଲି, ସଣ୍ଡାଗାଲି, ଖଟାରାବାହାଲ	
		୧୫୧	ତୁରେଲେଲା	ତୁରେଲେଲା ଗ୍ରାପ	ତୁରେଲେଲା, ବଡ଼ପୁର, ଡାଲା	
				ପାଣ୍ଡିମେଟ ଗ୍ରାପ	ଭାଲୁପାଲି, ଟେଲେଲାଟ, ଭିତାଲ	ସୋମ, ମଙ୍ଗଳ
୧୪	ଖପ୍ରାଖୋଲ	୧୫୨	ଭାଜପୁର	ଭାଜପୁର ଗ୍ରାପ	ଭାଜପୁର, ଟୁଣ୍ଡିଗା, ତୁଲୁମାଲ	ସୋମ, ବୁଧ
				ମାଟିଭଳାଗ ଗ୍ରାପ	ଅବନୀଗା, ଲେଡ଼ିଆଲ, ମାଟିଭଳାଗ	
		୧୫୩	ଧାଣ୍ଡୁମୁଣ୍ଡା	ଧାଣ୍ଡୁମୁଣ୍ଡା ଗ୍ରାପ	ବାରକପଡ଼ର, ଗୁଡ଼ିପାଲି, ଧାଣ୍ଡୁମୁଣ୍ଡା	
				ପଡ଼ିଆବାହାଲ ଗ୍ରାପ	ପଡ଼ିଆବାହାଲ, ଟେଟେଲ, ଜମଣ୍ଡି, ଗଡ଼ପଦ	ମଙ୍ଗଳ, ଶୁକ୍ର
					ରାଙ୍ଗେପାଲି, ଗାର୍ଡ଼ିଲେଙ୍ଗ	
				ଭଳିବାହାଲ ଗ୍ରାପ	ଭଳିବାହାଲ, ଡେଟେଟେ, ଖିର୍ଜିଲେ	
		୧୫୪	ଖପ୍ରାଖୋଲ	ଖପ୍ରାଖୋଲ ଗ୍ରାପ	ବାଗମୁଣ୍ଡା, ଲେଭାଲି, କୁଟୁମ୍ବେ	ସୋମ, ବୁଧ
					ଗୁଲଲାଗ, ରାତାପାଲି, ଭଲିଗାଲେ	
				ଗୁଙ୍ଗପାଲି ଗ୍ରାପ	ଗୁଲପାଲି, ଗୁଲଣଶ, ବାଳବାହାଲ	
				ଓଡ଼ିଆପାଲି ଗ୍ରାପ	କୁଲୁଙ୍ଗପାଲି, ଲେଗାଡ଼ା, ଓଡ଼ିଆପାଲି	
		୧୫୫	ଲାଟେର	ଲାଟେର ଗ୍ରାପ	ଜମ୍ଭଗାଲି, ଲାଟେର, ପୁଡ଼ୁଟ	ସୋମ, ବୁଧ
				ଟେଟେର ଗ୍ରାପ	ଟିଟିମାଳ, ଟେଟେର, ଲାଗୁପାଲି	
				କୁଗୁଟିନ୍ଦରା ଗ୍ରାପ	କୁଡ଼ାଭଳ, ଟିଲଗାଡ଼ି, କୁଣ୍ଡିପାଳି	
				ଟେଲମାଲି ଗ୍ରାପ	କୁଲଣ୍ଡାଭରା, ଟାଲପାଲି, ଗଡ଼ିପାଲି	
		୧୫୬	କୁରାଟିଙ୍ଗା	କୁରାଟିଙ୍ଗା ଗ୍ରାପ	କଲାଟାଲି, ଟିଟିମାଲ, ଗାଲିଙ୍ଗାଟାଲ	ମଙ୍ଗଳ, ଶୁକ୍ର
					ଲିଗିଲେ, ଗାଇପାଲି, ଟେଲିଗାଲି	
				ଗାମ୍ମୁଣ୍ଡା ଗ୍ରାପ	କୁଗାଲାଲ, କୁଲୁଙ୍ଗେଲ, ଗଲଗମାଲ	
					ଲଡ଼-ପଡ଼ାଲା, ଟେଲେଗାଲା	
		୧୫୭	ମରସାଗଡ଼	ମରସାଗଡ଼ ଗ୍ରାପ	ଖାଗେଇଆ, ମାରାମା, ଭାଙ୍ଗବାହାଲ	ମଙ୍ଗଳ, ଶୁକ୍ର
				ନନ୍ଦୁପାଲ ଗ୍ରାପ	କୁଲଡୁଆ, ଗଲଗାଲି, କଳାଟିଗା	
					ନନ୍ଦୁପାଲ, ମୁଗାପାଲି, ଡାଟିଭାଲଲ	
		୧୫୮	ଟେଲେନପାଲି	ଟେଲେନପାଲି ଗ୍ରାପ	ଅନୁଗନ୍ଧି, କାରିଗାଡ଼ା, ଡୁଲୁଟିଗୋଣ୍ଡା	ସୋମ, ବୁଧ
				ଗଣ୍ଡାଙ୍ଗି ଗ୍ରାପ	ଗଣ୍ଡାଙ୍ଗି, ଲଲଣ୍ଡିପାଲି, ଭୁଟିପାଲି	
ଧାନର ଗୁଣାତ୍ମକ ମାନ:

ଧାନ ବାହ୍ୟାକାର ଉପଯୋଗୀ, ଖାଦ୍ୟ ଉପଯୋଗୀ, ଶୁଖିଲା, ପରିଷ୍କାର, ଅସମାନ୍ତର, ପଟାପାଲର ୧୭% ଏକ ଶିଳାଗର ହୋଇଥିବା ଆବଶ୍ୟକ । ଏହା ସୋଭଲ, ଦୁର୍ଗନ୍ଧ ଓ ବିଷାକ୍ତମୁକ୍ତ ହୋଇଥିବ ।

କ୍ର.ନଂ.	ଧାନରେ ମିଶ୍ରିତ ବିଜାତ ବା ବାଧ୍ୟ ପଦାର୍ଥ	ଏଫ୍.ଏ.କ୍ୟୁ. ମାନର ଧାନ ପାଇଁ ସର୍ବୋଚ୍ଚ ସୀମା (%)
୧.	ମାଟି, ମାଟି, ଗୋଡ଼ି, ପଥର ବା ଧୂଳି ଇତ୍ୟାଦି ଅରୈବିକ ବାଧ୍ୟ ପଦାର୍ଥ	୧.୦%
୨.	ଛାଟି, ମାଟି, ଖଡ଼ା ଓ ପୋକ ଇତ୍ୟାଦି ଜୈବିକ ବାଧ୍ୟ ପଦାର୍ଥ	୧.୦%
୩.	ଖରାପ, ବେରଙ୍ଗ, ପାଦୁପୁଲଲ ବା ପୋକ ଲାଗିଥିବା	୫.୦%
୪.	ଅପରିପକ୍ୱ, ଚଳା, ପଚ୍ଚଳ, କଞ୍ଚା ବା କୁଞ୍ଚିତ ଧାନ	୩.୦%
୫.	ସାଧୁ ଧାନରେ ମିଶ୍ରିତ ମୋଟା ଧାନ (କେବଳ ଗ୍ରେଡ଼-'ଏ' ଧାନ ନିମନ୍ତେ)	୬.୦%
୬.	ଆର୍ଦ୍ରତା ବା ଜଳୀୟ ଅଂଶ	୧୭.୦%
ସରକାରଙ୍କ ପକ୍ଷରୁ ଘୋଷିତ ହୋଇଥିବା ଧାନର ସର୍ବନିମ୍ନ ସହାୟକ ମୂଲ୍ୟ ନିମ୍ନରେ ଦିଆଗଲା:-
କ୍ର.ନଂ.	ଧାନର ମାନ	ସରକାରୀ ଧାର୍ଯ୍ୟ ଦର (କୁଇଣ୍ଟାଲ ପିଛା)
୧	ସାଧାରଣ ଧାନ (ଏଫ୍.ଏ.କ୍ୟୁ.)	୨,୩୦୦/-
୨.	ଗ୍ରେଡ୍ 'ଏ' ଧାନ	୨,୩୨୦/-

ଜିଲ୍ଲା ଯୋଗାଣ ବିଭାଗ ପକ୍ଷରୁ ଜିଲ୍ଲାର ବିଭିନ୍ନ ବ୍ଲକରେ ଖୋଲାଯାଇଥିବା ଧାନ କ୍ରୟ କେନ୍ଦ୍ରମାନଙ୍କରେ ଧାନ ବିକ୍ରି କରିବାକୁ ଚାହୁଁଥିବା ଚାଷୀଭାଇମାନେ ଧାନ ଯୋଗାଣ ପଞ୍ଜିକରଣ କରି ଟୋକନ ପ୍ରାପ୍ତ କରିବା ପରେ ଉକ୍ତ ଦିନରେ ଧାନ ବିକ୍ରି କରିପାରିବେ ।

ଧାନ ବିକ୍ରୟ କରିବା ସୁବିଧାରେ ମିଲର୍ ଓ ଅଧିକାରୀଙ୍କ ସହ ଯୋଗାଯୋଗ କରନ୍ତୁ ।

ଚାଷୀଭାଇମାନେ ଦଲାଲଙ୍କ ମାଧ୍ୟମରେ ଧାନ ବିକ୍ରୟ ନ କରି ସିଧାସଳଖ ଖୋଲାଯାଇଥିବା ଧାନ କ୍ରୟ କେନ୍ଦ୍ରରେ ଧାନ ବିକ୍ରି କରିବାକୁ ଅନୁରୋଧ ।

ସ୍ୱା./- ଏସ୍.ସି. ଦୋରା
ଜିଲ୍ଲା ଯୋଗାଣ ଅଧିକାରୀ
ବରଗଡ଼
ଡ଼ଃ ଏମ୍. ମୁତ୍ତୁକୁମାର
ଜିଲ୍ଲାପାଳ
ବରଗଡ଼
